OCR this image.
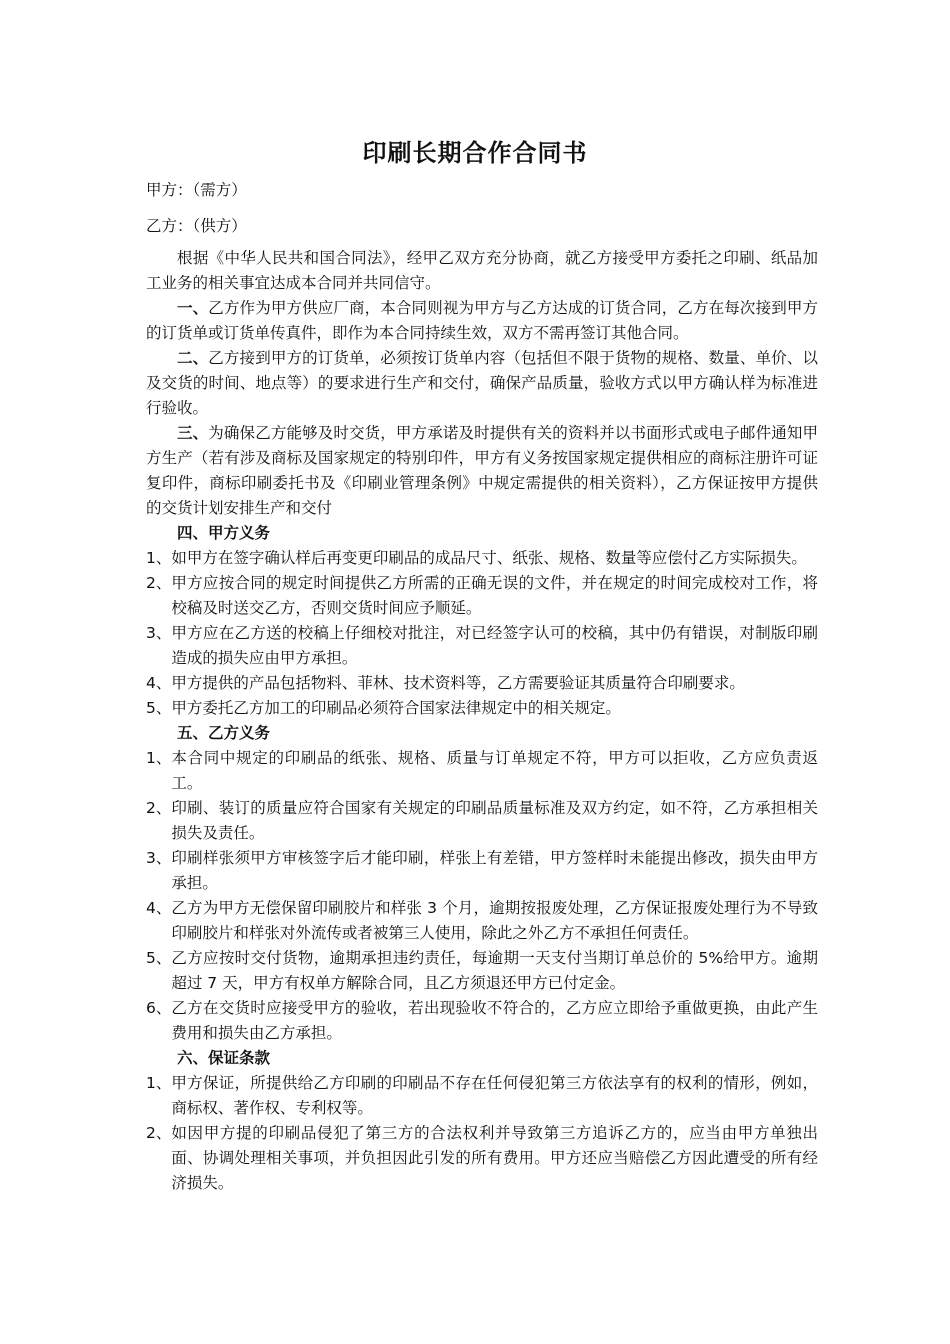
印刷长期合作合同书
甲方：（需方）
乙方：（供方）
根据《中华人民共和国合同法》，经甲乙双方充分协商，就乙方接受甲方委托之印刷、纸品加工业务的相关事宜达成本合同并共同信守。
一、乙方作为甲方供应厂商，本合同则视为甲方与乙方达成的订货合同，乙方在每次接到甲方的订货单或订货单传真件，即作为本合同持续生效，双方不需再签订其他合同。
二、乙方接到甲方的订货单，必须按订货单内容（包括但不限于货物的规格、数量、单价、以及交货的时间、地点等）的要求进行生产和交付，确保产品质量，验收方式以甲方确认样为标准进行验收。
三、为确保乙方能够及时交货，甲方承诺及时提供有关的资料并以书面形式或电子邮件通知甲方生产（若有涉及商标及国家规定的特别印件，甲方有义务按国家规定提供相应的商标注册许可证复印件，商标印刷委托书及《印刷业管理条例》中规定需提供的相关资料），乙方保证按甲方提供的交货计划安排生产和交付
四、甲方义务
1、 如甲方在签字确认样后再变更印刷品的成品尺寸、纸张、规格、数量等应偿付乙方实际损失。
2、 甲方应按合同的规定时间提供乙方所需的正确无误的文件，并在规定的时间完成校对工作，将校稿及时送交乙方，否则交货时间应予顺延。
3、 甲方应在乙方送的校稿上仔细校对批注，对已经签字认可的校稿，其中仍有错误，对制版印刷造成的损失应由甲方承担。
4、 甲方提供的产品包括物料、菲林、技术资料等，乙方需要验证其质量符合印刷要求。
5、 甲方委托乙方加工的印刷品必须符合国家法律规定中的相关规定。
五、乙方义务
1、 本合同中规定的印刷品的纸张、规格、质量与订单规定不符，甲方可以拒收，乙方应负责返工。
2、 印刷、装订的质量应符合国家有关规定的印刷品质量标准及双方约定，如不符，乙方承担相关损失及责任。
3、 印刷样张须甲方审核签字后才能印刷，样张上有差错，甲方签样时未能提出修改，损失由甲方承担。
4、 乙方为甲方无偿保留印刷胶片和样张 3 个月，逾期按报废处理，乙方保证报废处理行为不导致印刷胶片和样张对外流传或者被第三人使用，除此之外乙方不承担任何责任。
5、 乙方应按时交付货物，逾期承担违约责任，每逾期一天支付当期订单总价的 5%给甲方。逾期超过 7 天，甲方有权单方解除合同，且乙方须退还甲方已付定金。
6、 乙方在交货时应接受甲方的验收，若出现验收不符合的，乙方应立即给予重做更换，由此产生费用和损失由乙方承担。
六、保证条款
1、 甲方保证，所提供给乙方印刷的印刷品不存在任何侵犯第三方依法享有的权利的情形，例如，商标权、著作权、专利权等。
2、 如因甲方提的印刷品侵犯了第三方的合法权利并导致第三方追诉乙方的，应当由甲方单独出面、协调处理相关事项，并负担因此引发的所有费用。甲方还应当赔偿乙方因此遭受的所有经济损失。
